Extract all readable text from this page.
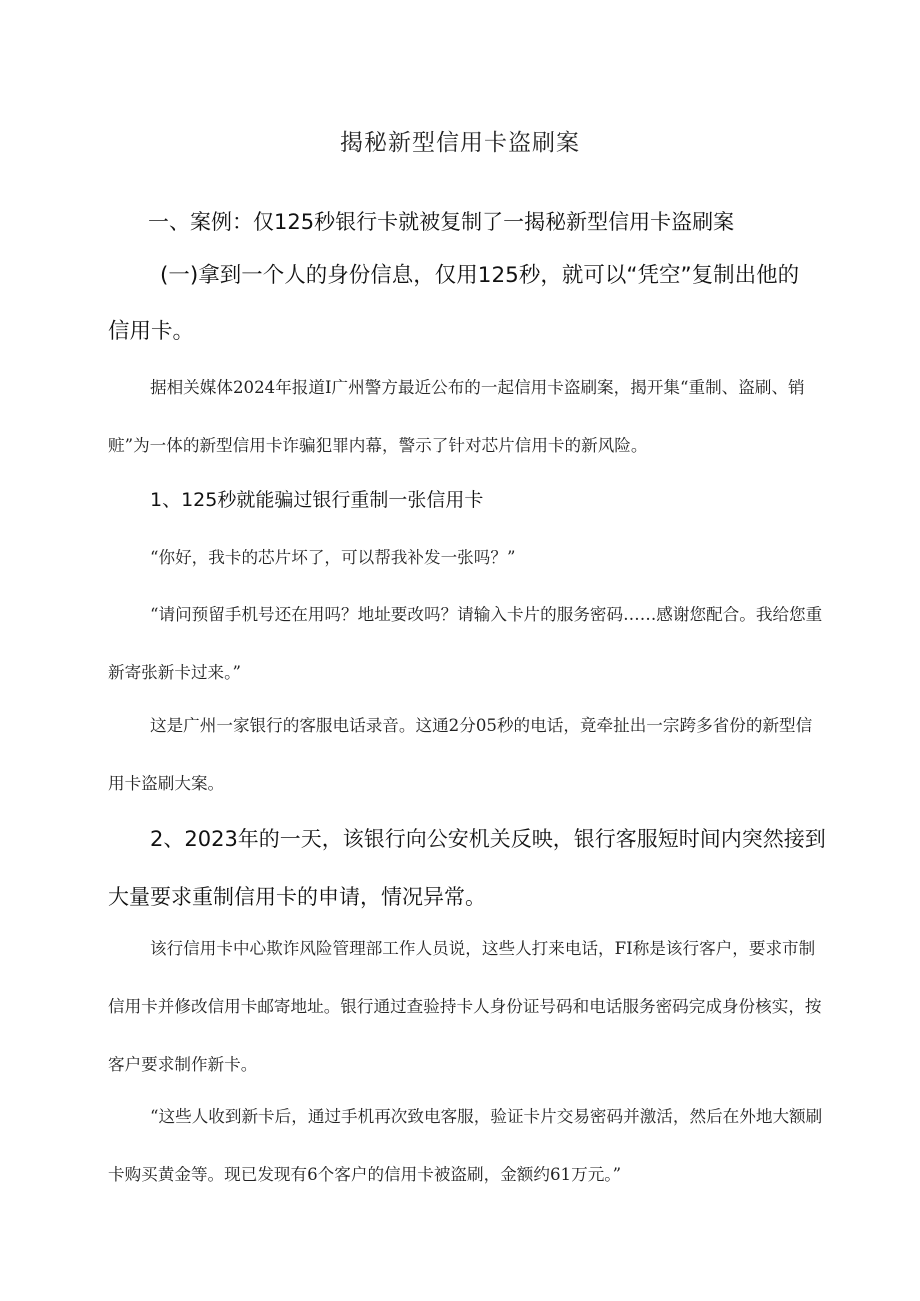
揭秘新型信用卡盗刷案
一、案例：仅125秒银行卡就被复制了一揭秘新型信用卡盗刷案
(一)拿到一个人的身份信息，仅用125秒，就可以“凭空”复制出他的
信用卡。
据相关媒体2024年报道I广州警方最近公布的一起信用卡盗刷案，揭开集“重制、盗刷、销赃”为一体的新型信用卡诈骗犯罪内幕，警示了针对芯片信用卡的新风险。
1、125秒就能骗过银行重制一张信用卡
“你好，我卡的芯片坏了，可以帮我补发一张吗？”
“请问预留手机号还在用吗？地址要改吗？请输入卡片的服务密码……感谢您配合。我给您重新寄张新卡过来。”
这是广州一家银行的客服电话录音。这通2分05秒的电话，竟牵扯出一宗跨多省份的新型信用卡盗刷大案。
2、2023年的一天，该银行向公安机关反映，银行客服短时间内突然接到大量要求重制信用卡的申请，情况异常。
该行信用卡中心欺诈风险管理部工作人员说，这些人打来电话，FI称是该行客户，要求市制信用卡并修改信用卡邮寄地址。银行通过查验持卡人身份证号码和电话服务密码完成身份核实，按客户要求制作新卡。
“这些人收到新卡后，通过手机再次致电客服，验证卡片交易密码并激活，然后在外地大额刷卡购买黄金等。现已发现有6个客户的信用卡被盗刷，金额约61万元。”
